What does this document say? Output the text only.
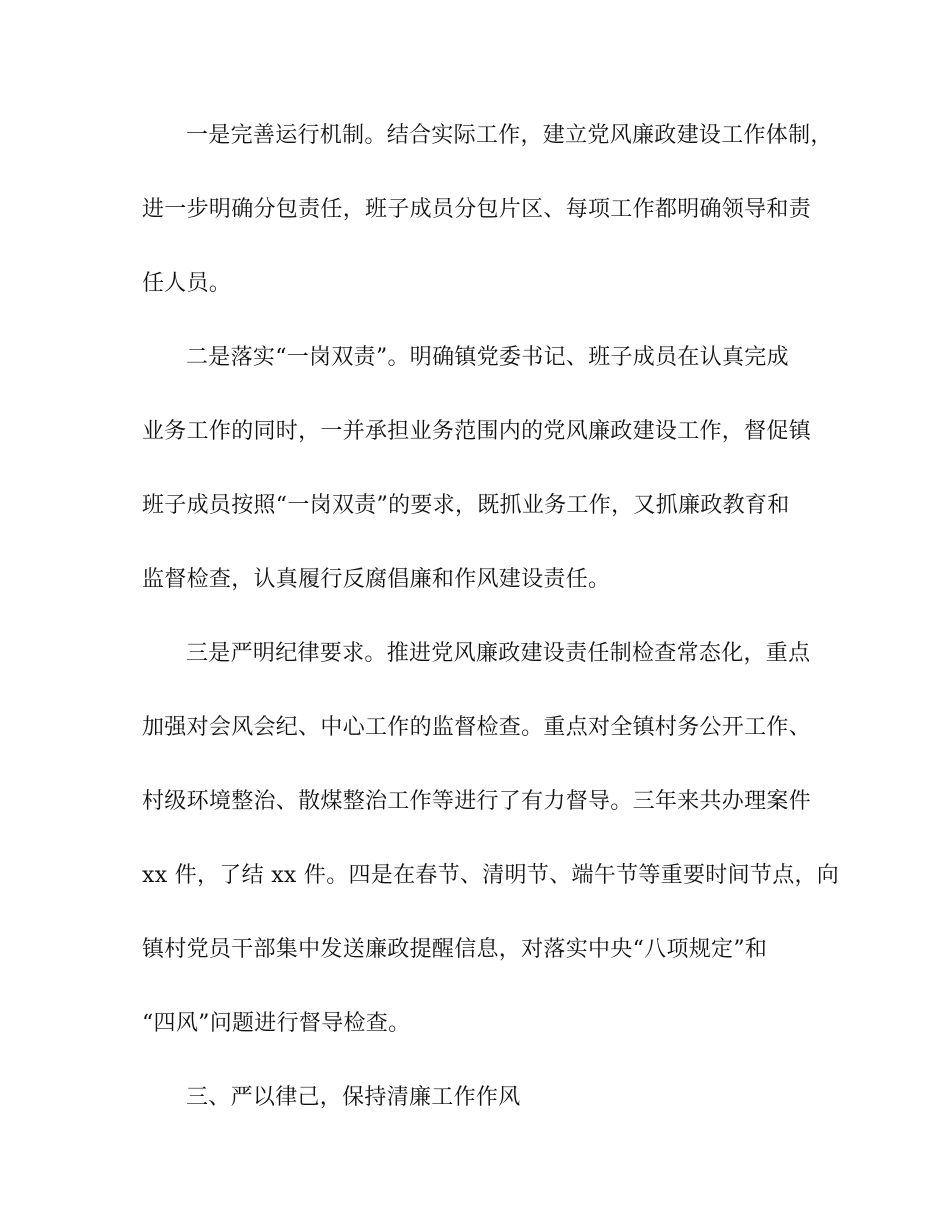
一是完善运行机制。结合实际工作，建立党风廉政建设工作体制，
进一步明确分包责任，班子成员分包片区、每项工作都明确领导和责
任人员。
二是落实“一岗双责”。明确镇党委书记、班子成员在认真完成
业务工作的同时，一并承担业务范围内的党风廉政建设工作，督促镇
班子成员按照“一岗双责”的要求，既抓业务工作，又抓廉政教育和
监督检查，认真履行反腐倡廉和作风建设责任。
三是严明纪律要求。推进党风廉政建设责任制检查常态化，重点
加强对会风会纪、中心工作的监督检查。重点对全镇村务公开工作、
村级环境整治、散煤整治工作等进行了有力督导。三年来共办理案件
xx 件，了结 xx 件。四是在春节、清明节、端午节等重要时间节点，向
镇村党员干部集中发送廉政提醒信息，对落实中央“八项规定”和
“四风”问题进行督导检查。
三、严以律己，保持清廉工作作风
